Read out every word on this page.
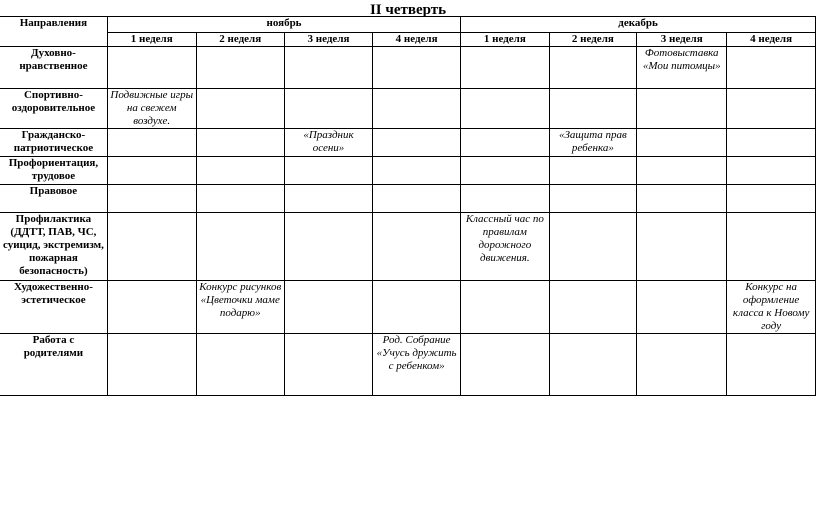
II четверть
Направления	ноябрь				декабрь			
	1 неделя	2 неделя	3 неделя	4 неделя	1 неделя	2 неделя	3 неделя	4 неделя
Духовно-нравственное							Фотовыставка «Мои питомцы»	
Спортивно-оздоровительное	Подвижные игры на свежем воздухе.							
Гражданско-патриотическое			«Праздник осени»			«Защита прав ребенка»		
Профориентация, трудовое								
Правовое								
Профилактика (ДДТТ, ПАВ, ЧС, суицид, экстремизм, пожарная безопасность)					Классный час по правилам дорожного движения.			
Художественно-эстетическое		Конкурс рисунков «Цветочки маме подарю»						Конкурс на оформление класса к Новому году
Работа с родителями				Род. Собрание «Учусь дружить с ребенком»				
